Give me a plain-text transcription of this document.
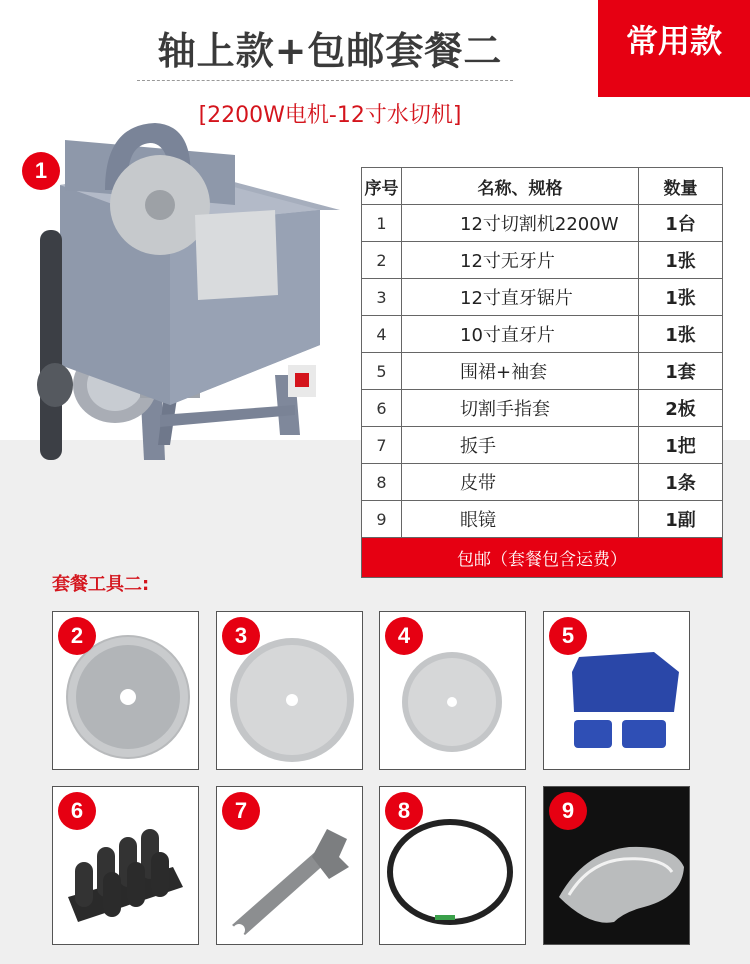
轴上款+包邮套餐二	常用款
[2200W电机-12寸水切机]
1
序号	名称、规格	数量
1	12寸切割机2200W	1台
2	12寸无牙片	1张
3	12寸直牙锯片	1张
4	10寸直牙片	1张
5	围裙+袖套	1套
6	切割手指套	2板
7	扳手	1把
8	皮带	1条
9	眼镜	1副
包邮（套餐包含运费）		
套餐工具二:
2	3	4	5
6	7	8	9
